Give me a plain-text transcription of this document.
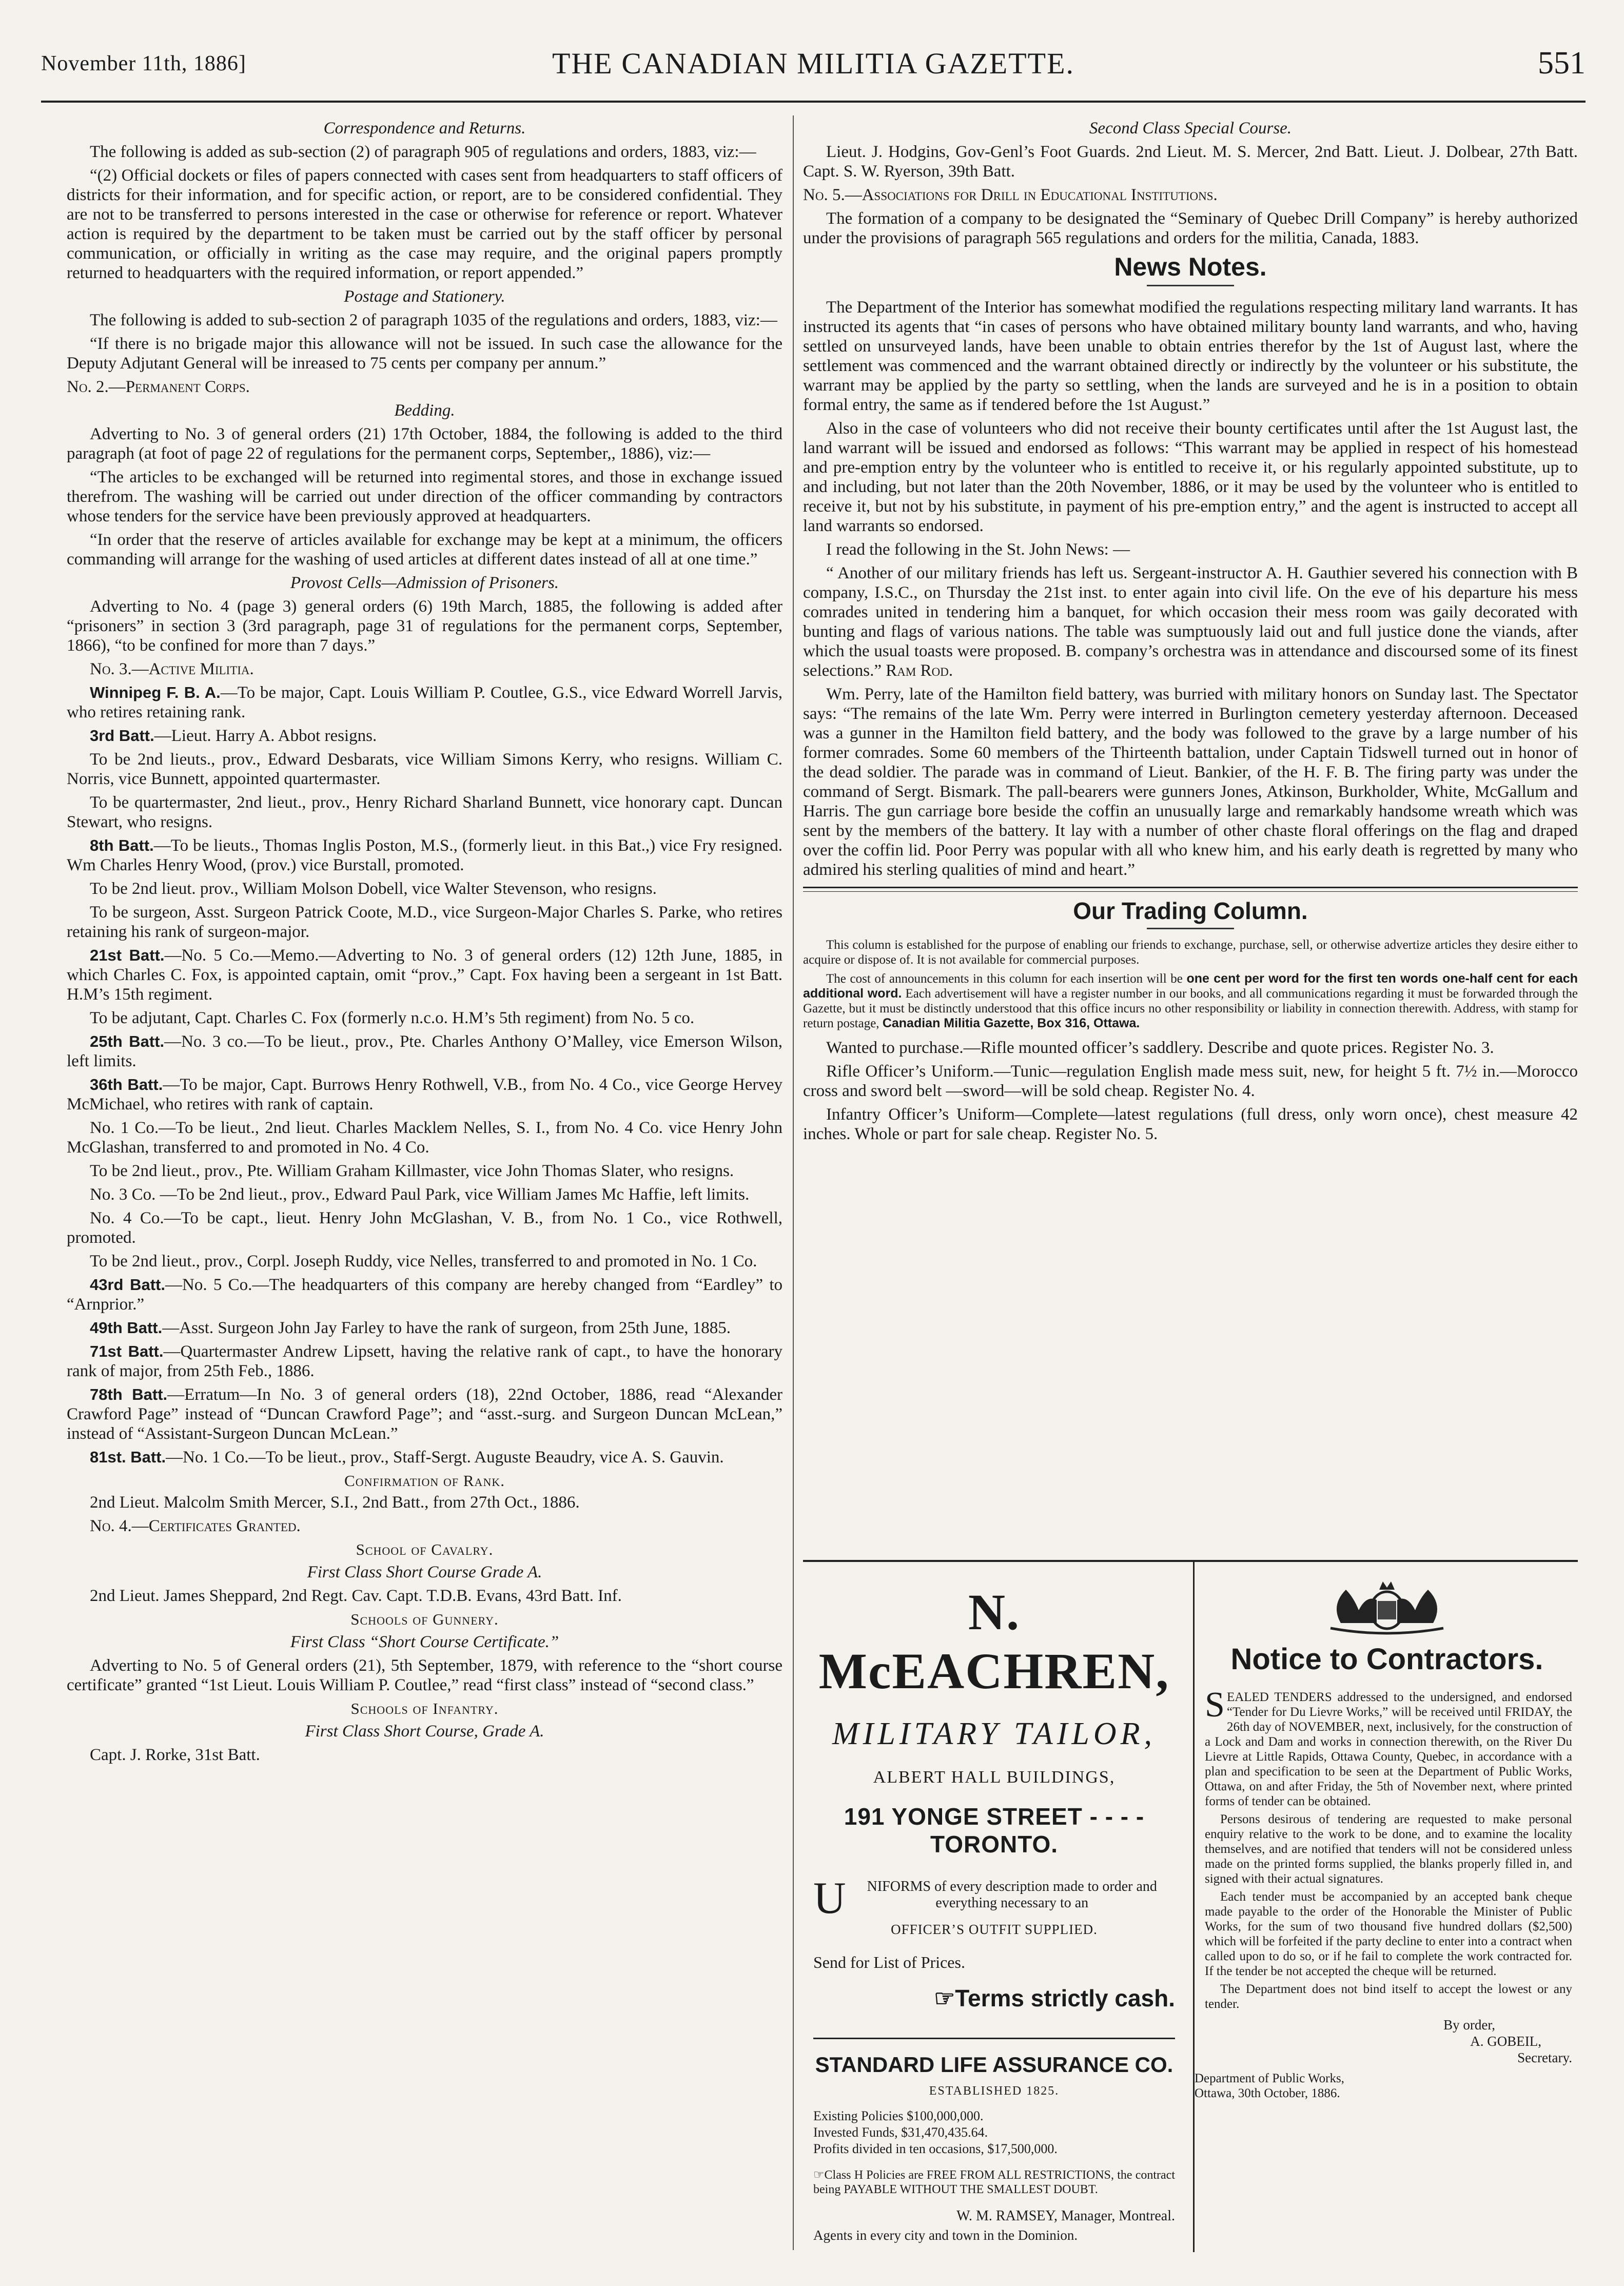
November 11th, 1886]	THE CANADIAN MILITIA GAZETTE.	551

Correspondence and Returns.

The following is added as sub-section (2) of paragraph 905 of regulations and orders, 1883, viz:—

“(2) Official dockets or files of papers connected with cases sent from headquarters to staff officers of districts for their information, and for specific action, or report, are to be considered confidential. They are not to be transferred to persons interested in the case or otherwise for reference or report. Whatever action is required by the department to be taken must be carried out by the staff officer by personal communication, or officially in writing as the case may require, and the original papers promptly returned to headquarters with the required information, or report appended.”

Postage and Stationery.

The following is added to sub-section 2 of paragraph 1035 of the regulations and orders, 1883, viz:—

“If there is no brigade major this allowance will not be issued. In such case the allowance for the Deputy Adjutant General will be inreased to 75 cents per company per annum.”

No. 2.—Permanent Corps.

Bedding.

Adverting to No. 3 of general orders (21) 17th October, 1884, the following is added to the third paragraph (at foot of page 22 of regulations for the permanent corps, September,, 1886), viz:—

“The articles to be exchanged will be returned into regimental stores, and those in exchange issued therefrom. The washing will be carried out under direction of the officer commanding by contractors whose tenders for the service have been previously approved at headquarters.

“In order that the reserve of articles available for exchange may be kept at a minimum, the officers commanding will arrange for the washing of used articles at different dates instead of all at one time.”

Provost Cells—Admission of Prisoners.

Adverting to No. 4 (page 3) general orders (6) 19th March, 1885, the following is added after “prisoners” in section 3 (3rd paragraph, page 31 of regulations for the permanent corps, September, 1866), “to be confined for more than 7 days.”

No. 3.—Active Militia.

Winnipeg F. B. A.—To be major, Capt. Louis William P. Coutlee, G.S., vice Edward Worrell Jarvis, who retires retaining rank.

3rd Batt.—Lieut. Harry A. Abbot resigns.

To be 2nd lieuts., prov., Edward Desbarats, vice William Simons Kerry, who resigns. William C. Norris, vice Bunnett, appointed quartermaster.

To be quartermaster, 2nd lieut., prov., Henry Richard Sharland Bunnett, vice honorary capt. Duncan Stewart, who resigns.

8th Batt.—To be lieuts., Thomas Inglis Poston, M.S., (formerly lieut. in this Bat.,) vice Fry resigned. Wm Charles Henry Wood, (prov.) vice Burstall, promoted.

To be 2nd lieut. prov., William Molson Dobell, vice Walter Stevenson, who resigns.

To be surgeon, Asst. Surgeon Patrick Coote, M.D., vice Surgeon-Major Charles S. Parke, who retires retaining his rank of surgeon-major.

21st Batt.—No. 5 Co.—Memo.—Adverting to No. 3 of general orders (12) 12th June, 1885, in which Charles C. Fox, is appointed captain, omit “prov.,” Capt. Fox having been a sergeant in 1st Batt. H.M’s 15th regiment.

To be adjutant, Capt. Charles C. Fox (formerly n.c.o. H.M’s 5th regiment) from No. 5 co.

25th Batt.—No. 3 co.—To be lieut., prov., Pte. Charles Anthony O’Malley, vice Emerson Wilson, left limits.

36th Batt.—To be major, Capt. Burrows Henry Rothwell, V.B., from No. 4 Co., vice George Hervey McMichael, who retires with rank of captain.

No. 1 Co.—To be lieut., 2nd lieut. Charles Macklem Nelles, S. I., from No. 4 Co. vice Henry John McGlashan, transferred to and promoted in No. 4 Co.

To be 2nd lieut., prov., Pte. William Graham Killmaster, vice John Thomas Slater, who resigns.

No. 3 Co. —To be 2nd lieut., prov., Edward Paul Park, vice William James Mc Haffie, left limits.

No. 4 Co.—To be capt., lieut. Henry John McGlashan, V. B., from No. 1 Co., vice Rothwell, promoted.

To be 2nd lieut., prov., Corpl. Joseph Ruddy, vice Nelles, transferred to and promoted in No. 1 Co.

43rd Batt.—No. 5 Co.—The headquarters of this company are hereby changed from “Eardley” to “Arnprior.”

49th Batt.—Asst. Surgeon John Jay Farley to have the rank of surgeon, from 25th June, 1885.

71st Batt.—Quartermaster Andrew Lipsett, having the relative rank of capt., to have the honorary rank of major, from 25th Feb., 1886.

78th Batt.—Erratum—In No. 3 of general orders (18), 22nd October, 1886, read “Alexander Crawford Page” instead of “Duncan Crawford Page”; and “asst.-surg. and Surgeon Duncan McLean,” instead of “Assistant-Surgeon Duncan McLean.”

81st. Batt.—No. 1 Co.—To be lieut., prov., Staff-Sergt. Auguste Beaudry, vice A. S. Gauvin.

Confirmation of Rank.

2nd Lieut. Malcolm Smith Mercer, S.I., 2nd Batt., from 27th Oct., 1886.

No. 4.—Certificates Granted.

School of Cavalry.

First Class Short Course Grade A.

2nd Lieut. James Sheppard, 2nd Regt. Cav. Capt. T.D.B. Evans, 43rd Batt. Inf.

Schools of Gunnery.

First Class “Short Course Certificate.”

Adverting to No. 5 of General orders (21), 5th September, 1879, with reference to the “short course certificate” granted “1st Lieut. Louis William P. Coutlee,” read “first class” instead of “second class.”

Schools of Infantry.

First Class Short Course, Grade A.

Capt. J. Rorke, 31st Batt.

Second Class Special Course.

Lieut. J. Hodgins, Gov-Genl’s Foot Guards. 2nd Lieut. M. S. Mercer, 2nd Batt. Lieut. J. Dolbear, 27th Batt. Capt. S. W. Ryerson, 39th Batt.

No. 5.—Associations for Drill in Educational Institutions.

The formation of a company to be designated the “Seminary of Quebec Drill Company” is hereby authorized under the provisions of paragraph 565 regulations and orders for the militia, Canada, 1883.

News Notes.

The Department of the Interior has somewhat modified the regulations respecting military land warrants. It has instructed its agents that “in cases of persons who have obtained military bounty land warrants, and who, having settled on unsurveyed lands, have been unable to obtain entries therefor by the 1st of August last, where the settlement was commenced and the warrant obtained directly or indirectly by the volunteer or his substitute, the warrant may be applied by the party so settling, when the lands are surveyed and he is in a position to obtain formal entry, the same as if tendered before the 1st August.”

Also in the case of volunteers who did not receive their bounty certificates until after the 1st August last, the land warrant will be issued and endorsed as follows: “This warrant may be applied in respect of his homestead and pre-emption entry by the volunteer who is entitled to receive it, or his regularly appointed substitute, up to and including, but not later than the 20th November, 1886, or it may be used by the volunteer who is entitled to receive it, but not by his substitute, in payment of his pre-emption entry,” and the agent is instructed to accept all land warrants so endorsed.

I read the following in the St. John News: —

“ Another of our military friends has left us. Sergeant-instructor A. H. Gauthier severed his connection with B company, I.S.C., on Thursday the 21st inst. to enter again into civil life. On the eve of his departure his mess comrades united in tendering him a banquet, for which occasion their mess room was gaily decorated with bunting and flags of various nations. The table was sumptuously laid out and full justice done the viands, after which the usual toasts were proposed. B. company’s orchestra was in attendance and discoursed some of its finest selections.” Ram Rod.

Wm. Perry, late of the Hamilton field battery, was burried with military honors on Sunday last. The Spectator says: “The remains of the late Wm. Perry were interred in Burlington cemetery yesterday afternoon. Deceased was a gunner in the Hamilton field battery, and the body was followed to the grave by a large number of his former comrades. Some 60 members of the Thirteenth battalion, under Captain Tidswell turned out in honor of the dead soldier. The parade was in command of Lieut. Bankier, of the H. F. B. The firing party was under the command of Sergt. Bismark. The pall-bearers were gunners Jones, Atkinson, Burkholder, White, McGallum and Harris. The gun carriage bore beside the coffin an unusually large and remarkably handsome wreath which was sent by the members of the battery. It lay with a number of other chaste floral offerings on the flag and draped over the coffin lid. Poor Perry was popular with all who knew him, and his early death is regretted by many who admired his sterling qualities of mind and heart.”

Our Trading Column.

This column is established for the purpose of enabling our friends to exchange, purchase, sell, or otherwise advertize articles they desire either to acquire or dispose of. It is not available for commercial purposes.

The cost of announcements in this column for each insertion will be one cent per word for the first ten words one-half cent for each additional word. Each advertisement will have a register number in our books, and all communications regarding it must be forwarded through the Gazette, but it must be distinctly understood that this office incurs no other responsibility or liability in connection therewith. Address, with stamp for return postage, Canadian Militia Gazette, Box 316, Ottawa.

Wanted to purchase.—Rifle mounted officer’s saddlery. Describe and quote prices. Register No. 3.

Rifle Officer’s Uniform.—Tunic—regulation English made mess suit, new, for height 5 ft. 7½ in.—Morocco cross and sword belt —sword—will be sold cheap. Register No. 4.

Infantry Officer’s Uniform—Complete—latest regulations (full dress, only worn once), chest measure 42 inches. Whole or part for sale cheap. Register No. 5.

N. McEACHREN,
MILITARY TAILOR,
ALBERT HALL BUILDINGS,
191 YONGE STREET - - - - TORONTO.
U NIFORMS of every description made to order and everything necessary to an
OFFICER’S OUTFIT SUPPLIED.
Send for List of Prices.
☞Terms strictly cash.
STANDARD LIFE ASSURANCE CO.
ESTABLISHED 1825.
Existing Policies $100,000,000.
Invested Funds, $31,470,435.64.
Profits divided in ten occasions, $17,500,000.
☞Class H Policies are FREE FROM ALL RESTRICTIONS, the contract being PAYABLE WITHOUT THE SMALLEST DOUBT.
W. M. RAMSEY, Manager, Montreal.
Agents in every city and town in the Dominion.
Notice to Contractors.
SEALED TENDERS addressed to the undersigned, and endorsed “Tender for Du Lievre Works,” will be received until FRIDAY, the 26th day of NOVEMBER, next, inclusively, for the construction of a Lock and Dam and works in connection therewith, on the River Du Lievre at Little Rapids, Ottawa County, Quebec, in accordance with a plan and specification to be seen at the Department of Public Works, Ottawa, on and after Friday, the 5th of November next, where printed forms of tender can be obtained.
Persons desirous of tendering are requested to make personal enquiry relative to the work to be done, and to examine the locality themselves, and are notified that tenders will not be considered unless made on the printed forms supplied, the blanks properly filled in, and signed with their actual signatures.
Each tender must be accompanied by an accepted bank cheque made payable to the order of the Honorable the Minister of Public Works, for the sum of two thousand five hundred dollars ($2,500) which will be forfeited if the party decline to enter into a contract when called upon to do so, or if he fail to complete the work contracted for. If the tender be not accepted the cheque will be returned.
The Department does not bind itself to accept the lowest or any tender.
By order,
A. GOBEIL,
Secretary.
Department of Public Works,
Ottawa, 30th October, 1886.
